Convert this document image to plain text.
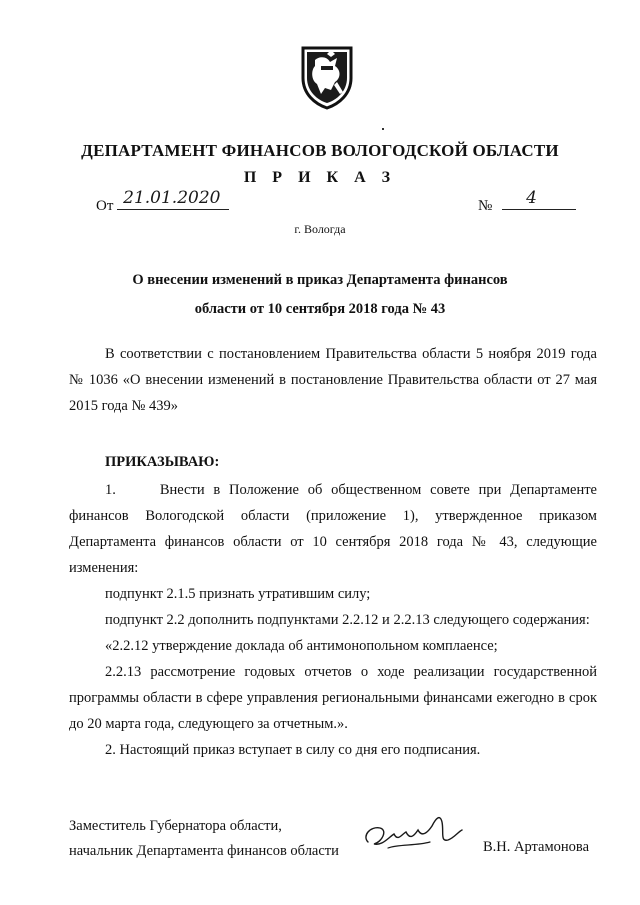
ДЕПАРТАМЕНТ ФИНАНСОВ ВОЛОГОДСКОЙ ОБЛАСТИ
П Р И К А З
От 21.01.2020	№ 4
г. Вологда
О внесении изменений в приказ Департамента финансов
области от 10 сентября 2018 года № 43
В соответствии с постановлением Правительства области 5 ноября 2019 года № 1036 «О внесении изменений в постановление Правительства области от 27 мая 2015 года № 439»
ПРИКАЗЫВАЮ:
1.     Внести в Положение об общественном совете при Департаменте финансов Вологодской области (приложение 1), утвержденное приказом Департамента финансов области от 10 сентября 2018 года № 43, следующие изменения:
подпункт 2.1.5 признать утратившим силу;
подпункт 2.2 дополнить подпунктами 2.2.12 и 2.2.13 следующего содержания:
«2.2.12 утверждение доклада об антимонопольном комплаенсе;
2.2.13 рассмотрение годовых отчетов о ходе реализации государственной программы области в сфере управления региональными финансами ежегодно в срок до 20 марта года, следующего за отчетным.».
2. Настоящий приказ вступает в силу со дня его подписания.
Заместитель Губернатора области,
начальник Департамента финансов области	В.Н. Артамонова
